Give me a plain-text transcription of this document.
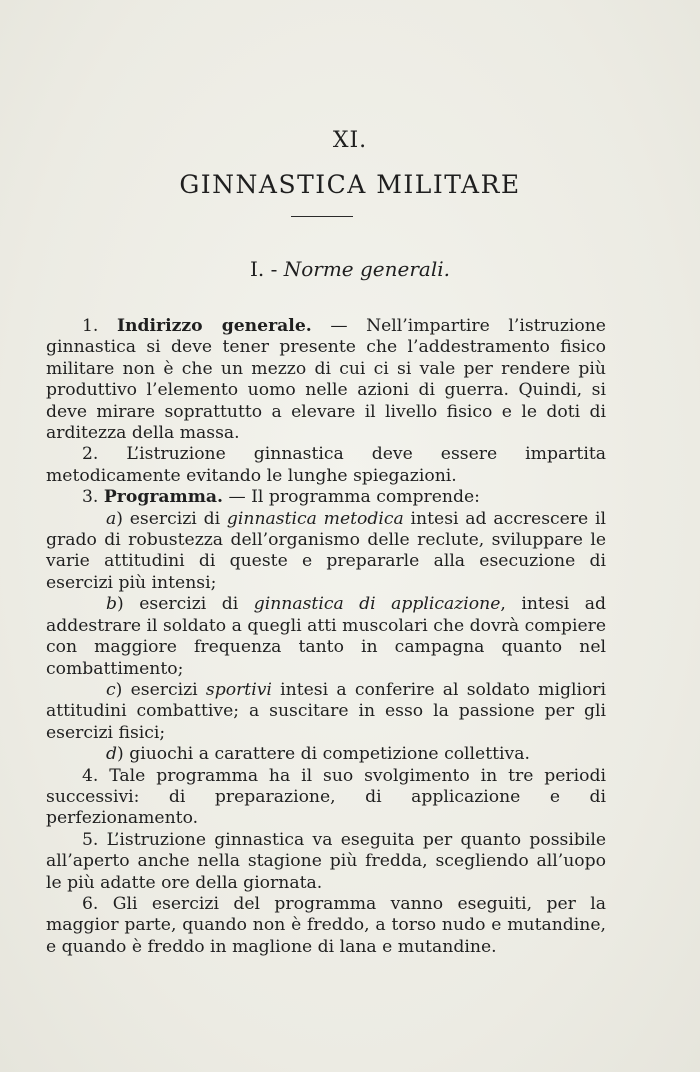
XI.
GINNASTICA MILITARE
I. - Norme generali.

1. Indirizzo generale. — Nell’impartire l’istruzione ginnastica si deve tener presente che l’addestramento fisico militare non è che un mezzo di cui ci si vale per rendere più produttivo l’elemento uomo nelle azioni di guerra. Quindi, si deve mirare soprattutto a elevare il livello fisico e le doti di arditezza della massa.

2. L’istruzione ginnastica deve essere impartita metodicamente evitando le lunghe spiegazioni.

3. Programma. — Il programma comprende:

a) esercizi di ginnastica metodica intesi ad accrescere il grado di robustezza dell’organismo delle reclute, sviluppare le varie attitudini di queste e prepararle alla esecuzione di esercizi più intensi;

b) esercizi di ginnastica di applicazione, intesi ad addestrare il soldato a quegli atti muscolari che dovrà compiere con maggiore frequenza tanto in campagna quanto nel combattimento;

c) esercizi sportivi intesi a conferire al soldato migliori attitudini combattive; a suscitare in esso la passione per gli esercizi fisici;

d) giuochi a carattere di competizione collettiva.

4. Tale programma ha il suo svolgimento in tre periodi successivi: di preparazione, di applicazione e di perfezionamento.

5. L’istruzione ginnastica va eseguita per quanto possibile all’aperto anche nella stagione più fredda, scegliendo all’uopo le più adatte ore della giornata.

6. Gli esercizi del programma vanno eseguiti, per la maggior parte, quando non è freddo, a torso nudo e mutandine, e quando è freddo in maglione di lana e mutandine.
